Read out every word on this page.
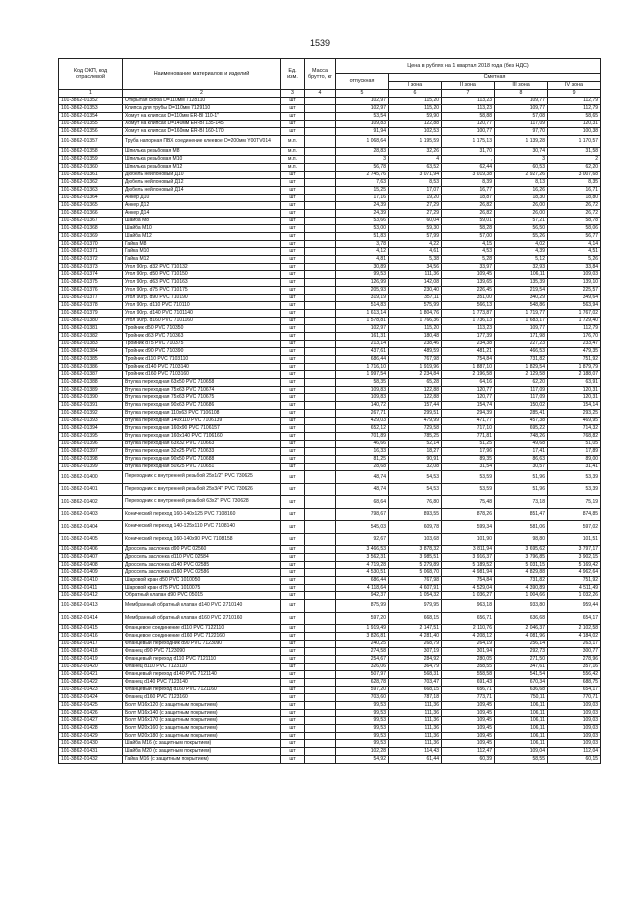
1539
Код ОКП, код отраслевой	Наименование материалов и изделий	Ед. изм.	Масса брутто, кг	Цена в рублях на 1 квартал 2018 года (без НДС)				
				отпускная	Сметная			
					I зона	II зона	III зона	IV зона
1	2	3	4	5	6	7	8	9
101-3862-01352	Открытая скоба D=110мм 7128110	шт		102,97	115,20	113,23	109,77	112,79
101-3862-01353	Клипса для трубы D=110мм 7129110	шт		102,97	115,20	113,23	109,77	112,79
101-3862-01354	Хомут на клипсах D=110мм ER-Bl 110-1"	шт		53,54	59,90	58,88	57,08	58,65
101-3862-01355	Хомут на клипсах D=140мм ER-BI 135-145	шт		109,83	122,88	120,77	117,09	120,31
101-3862-01356	Хомут на клипсах D=160мм ER-BI 160-170	шт		91,94	102,53	100,77	97,70	100,38
101-3862-01357	Труба напорная ПВХ соединение клеевое D=200мм Y00TV014	м.п.		1 068,64	1 195,59	1 175,13	1 139,28	1 170,57
101-3862-01358	Шпилька резьбовая М8	м.п.		28,83	32,26	31,70	30,74	31,58
101-3862-01359	Шпилька резьбовая М10	м.п.		3	4	,	3	2
101-3862-01360	Шпилька резьбовая М12	м.п.		56,78	63,52	62,44	60,53	62,20
101-3862-01361	Дюбель нейлоновый Д10	шт		2 745,76	3 071,94	3 019,38	2 927,26	3 007,68
101-3862-01362	Дюбель нейлоновый Д12	шт		7,63	8,53	8,39	8,13	8,35
101-3862-01363	Дюбель нейлоновый Д14	шт		15,25	17,07	16,77	16,26	16,71
101-3862-01364	Анкер Д10	шт		17,16	19,20	18,87	18,30	18,80
101-3862-01365	Анкер Д12	шт		24,39	27,29	26,82	26,00	26,72
101-3862-01366	Анкер Д14	шт		24,39	27,29	26,82	26,00	26,72
101-3862-01367	Шайба М8	шт		53,66	60,04	59,01	57,21	58,78
101-3862-01368	Шайба М10	шт		53,00	59,30	58,28	56,50	58,06
101-3862-01369	Шайба М12	шт		51,83	57,99	57,00	55,26	56,77
101-3862-01370	Гайка М8	шт		3,78	4,22	4,15	4,02	4,14
101-3862-01371	Гайка М10	шт		4,12	4,61	4,53	4,39	4,51
101-3862-01372	Гайка М12	шт		4,81	5,38	5,28	5,12	5,26
101-3862-01373	Угол 90гр. d32 PVC 710132	шт		30,89	34,56	33,97	32,93	33,84
101-3862-01374	Угол 90гр. d50 PVC 710150	шт		99,53	111,36	109,45	106,11	109,03
101-3862-01375	Угол 90гр. d63 PVC 710163	шт		126,99	142,08	139,65	135,39	139,10
101-3862-01376	Угол 90гр. d75 PVC 710175	шт		205,93	230,40	226,45	219,54	225,57
101-3862-01377	Угол 90гр. d90 PVC 710190	шт		319,19	357,11	351,00	340,29	349,64
101-3862-01378	Угол 90гр. d110 PVC 710110	шт		514,83	575,99	566,13	548,86	563,94
101-3862-01379	Угол 90гр. d140 PVC 7101140	шт		1 613,14	1 804,76	1 773,87	1 719,77	1 767,02
101-3862-01380	Угол 90гр. d160 PVC 7101160	шт		1 578,81	1 766,36	1 736,13	1 683,17	1 729,40
101-3862-01381	Тройник d50 PVC 710350	шт		102,97	115,20	113,23	109,77	112,79
101-3862-01382	Тройник d63 PVC 710363	шт		161,31	180,48	177,39	171,98	176,70
101-3862-01383	Тройник d75 PVC 710375	шт		213,14	238,46	234,38	227,23	233,47
101-3862-01384	Тройник d90 PVC 710390	шт		437,61	489,59	481,21	466,53	479,35
101-3862-01385	Тройник d110 PVC 7103110	шт		686,44	767,98	754,84	731,82	751,92
101-3862-01386	Тройник d140 PVC 7103140	шт		1 716,10	1 919,96	1 887,10	1 829,54	1 879,79
101-3862-01387	Тройник d160 PVC 7103160	шт		1 997,54	2 234,84	2 196,58	2 129,58	2 188,07
101-3862-01388	Втулка переходная 63x50 PVC 710658	шт		58,35	65,28	64,16	62,20	63,91
101-3862-01389	Втулка переходная 75x63 PVC 710674	шт		109,83	122,88	120,77	117,09	120,31
101-3862-01390	Втулка переходная 75x63 PVC 710675	шт		109,83	122,88	120,77	117,09	120,31
101-3862-01391	Втулка переходная 90x63 PVC 710686	шт		140,72	157,44	154,74	150,02	154,14
101-3862-01392	Втулка переходная 110x63 PVC 7106108	шт		267,71	299,51	294,39	285,41	293,25
101-3862-01393	Втулка переходная 140x110 PVC 7106139	шт		429,03	479,99	471,77	457,38	469,95
101-3862-01394	Втулка переходная 160x90 PVC 7106157	шт		652,12	729,58	717,10	695,22	714,32
101-3862-01395	Втулка переходная 160x140 PVC 7106160	шт		701,89	785,25	771,81	748,26	768,82
101-3862-01396	Втулка переходная 63x32 PVC 710663	шт		46,66	52,14	51,25	49,68	51,05
101-3862-01397	Втулка переходная 32x25 PVC 710633	шт		16,33	18,27	17,96	17,41	17,89
101-3862-01398	Втулка переходная 90x50 PVC 710688	шт		81,25	90,91	89,35	86,63	89,00
101-3862-01399	Втулка переходная 50x25 PVC 710651	шт		28,68	32,08	31,54	30,57	31,41
101-3862-01400	Переходник с внутренней резьбой 25x1/2" PVC 730625	шт		48,74	54,53	53,59	51,96	53,39
101-3862-01401	Переходник с внутренней резьбой 25x3/4" PVC 730626	шт		48,74	54,53	53,59	51,96	53,39
101-3862-01402	Переходник с внутренней резьбой 63x2" PVC 730628	шт		68,64	76,80	75,48	73,18	75,19
101-3862-01403	Конический переход 160-140x125 PVC 7108160	шт		798,67	893,55	878,26	851,47	874,85
101-3862-01404	Конический переход 140-125x110 PVC 7108140	шт		545,03	609,78	599,34	581,06	597,02
101-3862-01405	Конический переход 160-140x90 PVC 7108158	шт		92,67	103,68	101,90	98,80	101,51
101-3862-01406	Дроссель заслонка d90 PVC 02560	шт		3 466,53	3 878,32	3 811,94	3 695,62	3 797,17
101-3862-01407	Дроссель заслонка d110 PVC 02584	шт		3 562,31	3 985,51	3 916,37	3 796,85	3 902,15
101-3862-01408	Дроссель заслонка d140 PVC 02585	шт		4 719,28	5 279,89	5 189,52	5 031,15	5 169,42
101-3862-01409	Дроссель заслонка d160 PVC 02586	шт		4 530,51	5 068,70	4 981,94	4 829,88	4 962,64
101-3862-01410	Шаровой кран d50 PVC 1010050	шт		686,44	767,98	754,84	731,82	751,92
101-3862-01411	Шаровой кран d75 PVC 1010075	шт		4 118,64	4 607,91	4 529,04	4 390,89	4 511,49
101-3862-01412	Обратный клапан d90 PVC 05015	шт		942,37	1 054,32	1 036,27	1 004,66	1 032,26
101-3862-01413	Мембранный обратный клапан d140 PVC 2710140	шт		875,99	979,95	963,18	933,80	959,44
101-3862-01414	Мембранный обратный клапан d160 PVC 2710160	шт		597,20	668,15	656,71	636,68	654,17
101-3862-01415	Фланцевое соединение d110 PVC 7122110	шт		1 919,49	2 147,51	2 110,76	2 046,37	2 102,58
101-3862-01416	Фланцевое соединение d160 PVC 7122160	шт		3 826,81	4 281,40	4 208,12	4 081,96	4 184,02
101-3862-01417	Фланцевый переходник d90 PVC 7123090	шт		240,25	268,79	264,19	256,14	263,17
101-3862-01418	Фланец d90 PVC 7123090	шт		274,58	307,19	301,94	292,73	300,77
101-3862-01419	Фланцевый переход d110 PVC 7121110	шт		254,67	284,92	280,05	271,50	278,96
101-3862-01420	Фланец d110 PVC 7123110	шт		326,06	364,79	358,55	347,61	357,16
101-3862-01421	Фланцевый переход d140 PVC 7121140	шт		507,97	568,31	558,58	541,54	556,42
101-3862-01422	Фланец d140 PVC 7123140	шт		628,78	703,47	691,43	670,34	688,75
101-3862-01423	Фланцевый переход d160 PVC 7121160	шт		597,20	668,15	656,71	636,68	654,17
101-3862-01424	Фланец d160 PVC 7123160	шт		703,60	787,18	773,71	750,11	770,71
101-3862-01425	Болт М16x120 (с защитным покрытием)	шт		99,53	111,36	109,45	106,11	109,03
101-3862-01426	Болт М16x140 (с защитным покрытием)	шт		99,53	111,36	109,45	106,11	109,03
101-3862-01427	Болт М16x170 (с защитным покрытием)	шт		99,53	111,36	109,45	106,11	109,03
101-3862-01428	Болт М20x160 (с защитным покрытием)	шт		99,53	111,36	109,45	106,11	109,03
101-3862-01429	Болт М20x180 (с защитным покрытием)	шт		99,53	111,36	109,45	106,11	109,03
101-3862-01430	Шайба М16 (с защитным покрытием)	шт		99,53	111,36	109,45	106,11	109,03
101-3862-01431	Шайба М20 (с защитным покрытием)	шт		102,28	114,43	112,47	109,04	112,04
101-3862-01432	Гайка М16 (с защитным покрытием)	шт		54,92	61,44	60,39	58,55	60,15
